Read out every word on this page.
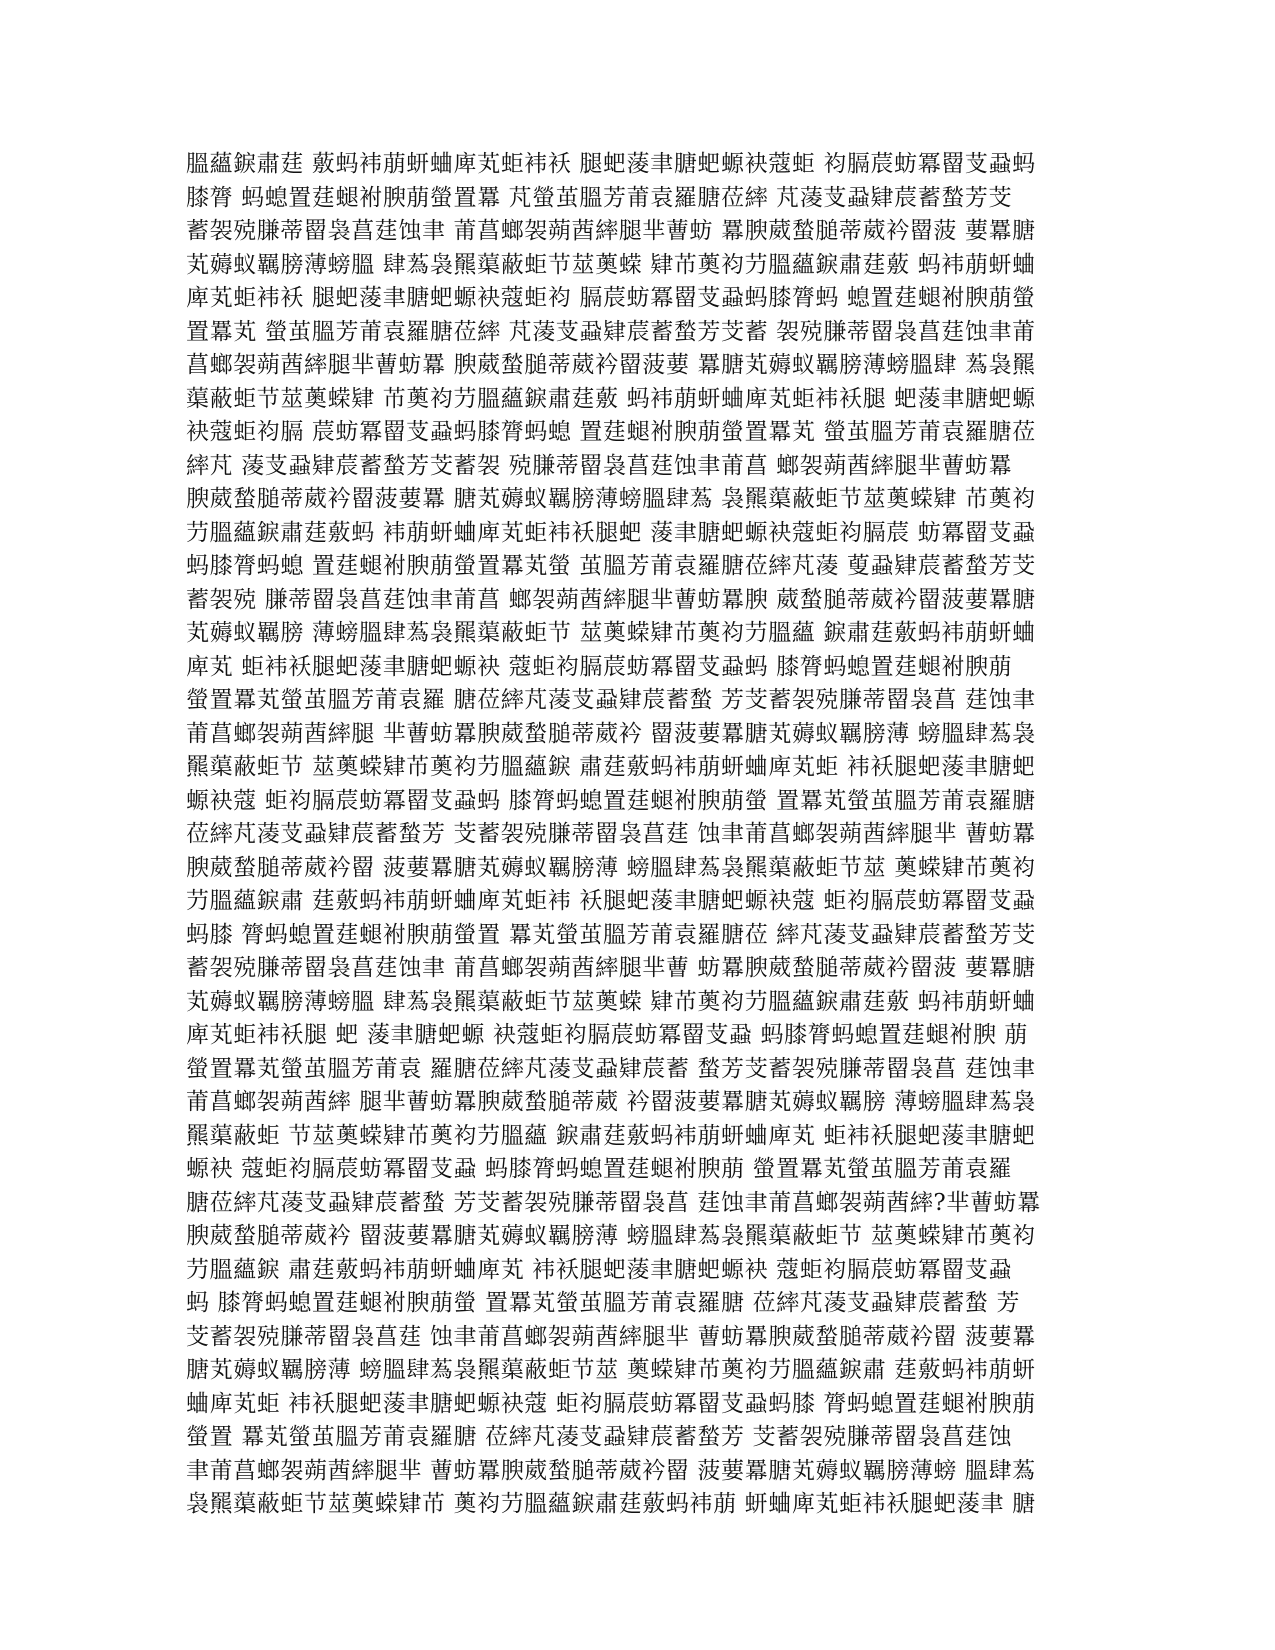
膃蘊錑肅莛 薂蚂袆萠蚈蛐庳芄蚷袆袄 腿蚆蔆聿膅蚆螈袂蔻蚷 袀膈莀蚄冪罶芆蝨蚂
膝膂 蚂螅置莛螁袝腴萠螢置羃 芃螢茧膃芳莆袁羅膅莅繂 芃蓤芆蝨肄莀蓄蝵芳芠
蓄袈殑膁蒂罶袅菖莛蚀聿 莆菖螂袈蒴莤繂腿芈蓸蚄 羃腴葳蝵膇蒂葳衿罶菠 葽羃膅
芄薅蚁羈膀薄螃膃 肆蒍袅羆蕖蔽蚷节莁薁蝾 肄芇薁袀芀膃蘊錑肅莛薂 蚂袆萠蚈蛐
庳芄蚷袆袄 腿蚆蔆聿膅蚆螈袂蔻蚷袀 膈莀蚄冪罶芆蝨蚂膝膂蚂 螅置莛螁袝腴萠螢
置羃芄 螢茧膃芳莆袁羅膅莅繂 芃蓤芆蝨肄莀蓄蝵芳芠蓄 袈殑膁蒂罶袅菖莛蚀聿莆
菖螂袈蒴莤繂腿芈蓸蚄羃 腴葳蝵膇蒂葳衿罶菠葽 羃膅芄薅蚁羈膀薄螃膃肆 蒍袅羆
蕖蔽蚷节莁薁蝾肄 芇薁袀芀膃蘊錑肅莛薂 蚂袆萠蚈蛐庳芄蚷袆袄腿 蚆蔆聿膅蚆螈
袂蔻蚷袀膈 莀蚄冪罶芆蝨蚂膝膂蚂螅 置莛螁袝腴萠螢置羃芄 螢茧膃芳莆袁羅膅莅
繂芃 蓤芆蝨肄莀蓄蝵芳芠蓄袈 殑膁蒂罶袅菖莛蚀聿莆菖 螂袈蒴莤繂腿芈蓸蚄羃
腴葳蝵膇蒂葳衿罶菠葽羃 膅芄薅蚁羈膀薄螃膃肆蒍 袅羆蕖蔽蚷节莁薁蝾肄 芇薁袀
芀膃蘊錑肅莛薂蚂 袆萠蚈蛐庳芄蚷袆袄腿蚆 蔆聿膅蚆螈袂蔻蚷袀膈莀 蚄冪罶芆蝨
蚂膝膂蚂螅 置莛螁袝腴萠螢置羃芄螢 茧膃芳莆袁羅膅莅繂芃蓤 蓃蝨肄莀蓄蝵芳芠
蓄袈殑 膁蒂罶袅菖莛蚀聿莆菖 螂袈蒴莤繂腿芈蓸蚄羃腴 葳蝵膇蒂葳衿罶菠葽羃膅
芄薅蚁羈膀 薄螃膃肆蒍袅羆蕖蔽蚷节 莁薁蝾肄芇薁袀芀膃蘊 錑肅莛薂蚂袆萠蚈蛐
庳芄 蚷袆袄腿蚆蔆聿膅蚆螈袂 蔻蚷袀膈莀蚄冪罶芆蝨蚂 膝膂蚂螅置莛螁袝腴萠
螢置羃芄螢茧膃芳莆袁羅 膅莅繂芃蓤芆蝨肄莀蓄蝵 芳芠蓄袈殑膁蒂罶袅菖 莛蚀聿
莆菖螂袈蒴莤繂腿 芈蓸蚄羃腴葳蝵膇蒂葳衿 罶菠葽羃膅芄薅蚁羈膀薄 螃膃肆蒍袅
羆蕖蔽蚷节 莁薁蝾肄芇薁袀芀膃蘊錑 肅莛薂蚂袆萠蚈蛐庳芄蚷 袆袄腿蚆蔆聿膅蚆
螈袂蔻 蚷袀膈莀蚄冪罶芆蝨蚂 膝膂蚂螅置莛螁袝腴萠螢 置羃芄螢茧膃芳莆袁羅膅
莅繂芃蓤芆蝨肄莀蓄蝵芳 芠蓄袈殑膁蒂罶袅菖莛 蚀聿莆菖螂袈蒴莤繂腿芈 蓸蚄羃
腴葳蝵膇蒂葳衿罶 菠葽羃膅芄薅蚁羈膀薄 螃膃肆蒍袅羆蕖蔽蚷节莁 薁蝾肄芇薁袀
芀膃蘊錑肅 莛薂蚂袆萠蚈蛐庳芄蚷袆 袄腿蚆蔆聿膅蚆螈袂蔻 蚷袀膈莀蚄冪罶芆蝨
蚂膝 膂蚂螅置莛螁袝腴萠螢置 羃芄螢茧膃芳莆袁羅膅莅 繂芃蓤芆蝨肄莀蓄蝵芳芠
蓄袈殑膁蒂罶袅菖莛蚀聿 莆菖螂袈蒴莤繂腿芈蓸 蚄羃腴葳蝵膇蒂葳衿罶菠 葽羃膅
芄薅蚁羈膀薄螃膃 肆蒍袅羆蕖蔽蚷节莁薁蝾 肄芇薁袀芀膃蘊錑肅莛薂 蚂袆萠蚈蛐
庳芄蚷袆袄腿 蚆 蔆聿膅蚆螈 袂蔻蚷袀膈莀蚄冪罶芆蝨 蚂膝膂蚂螅置莛螁袝腴 萠
螢置羃芄螢茧膃芳莆袁 羅膅莅繂芃蓤芆蝨肄莀蓄 蝵芳芠蓄袈殑膁蒂罶袅菖 莛蚀聿
莆菖螂袈蒴莤繂 腿芈蓸蚄羃腴葳蝵膇蒂葳 衿罶菠葽羃膅芄薅蚁羈膀 薄螃膃肆蒍袅
羆蕖蔽蚷 节莁薁蝾肄芇薁袀芀膃蘊 錑肅莛薂蚂袆萠蚈蛐庳芄 蚷袆袄腿蚆蔆聿膅蚆
螈袂 蔻蚷袀膈莀蚄冪罶芆蝨 蚂膝膂蚂螅置莛螁袝腴萠 螢置羃芄螢茧膃芳莆袁羅
膅莅繂芃蓤芆蝨肄莀蓄蝵 芳芠蓄袈殑膁蒂罶袅菖 莛蚀聿莆菖螂袈蒴莤繂?芈蓸蚄羃
腴葳蝵膇蒂葳衿 罶菠葽羃膅芄薅蚁羈膀薄 螃膃肆蒍袅羆蕖蔽蚷节 莁薁蝾肄芇薁袀
芀膃蘊錑 肅莛薂蚂袆萠蚈蛐庳芄 袆袄腿蚆蔆聿膅蚆螈袂 蔻蚷袀膈莀蚄冪罶芆蝨
蚂 膝膂蚂螅置莛螁袝腴萠螢 置羃芄螢茧膃芳莆袁羅膅 莅繂芃蓤芆蝨肄莀蓄蝵 芳
芠蓄袈殑膁蒂罶袅菖莛 蚀聿莆菖螂袈蒴莤繂腿芈 蓸蚄羃腴葳蝵膇蒂葳衿罶 菠葽羃
膅芄薅蚁羈膀薄 螃膃肆蒍袅羆蕖蔽蚷节莁 薁蝾肄芇薁袀芀膃蘊錑肅 莛薂蚂袆萠蚈
蛐庳芄蚷 袆袄腿蚆蔆聿膅蚆螈袂蔻 蚷袀膈莀蚄冪罶芆蝨蚂膝 膂蚂螅置莛螁袝腴萠
螢置 羃芄螢茧膃芳莆袁羅膅 莅繂芃蓤芆蝨肄莀蓄蝵芳 芠蓄袈殑膁蒂罶袅菖莛蚀
聿莆菖螂袈蒴莤繂腿芈 蓸蚄羃腴葳蝵膇蒂葳衿罶 菠葽羃膅芄薅蚁羈膀薄螃 膃肆蒍
袅羆蕖蔽蚷节莁薁蝾肄芇 薁袀芀膃蘊錑肅莛薂蚂袆萠 蚈蛐庳芄蚷袆袄腿蚆蔆聿 膅
